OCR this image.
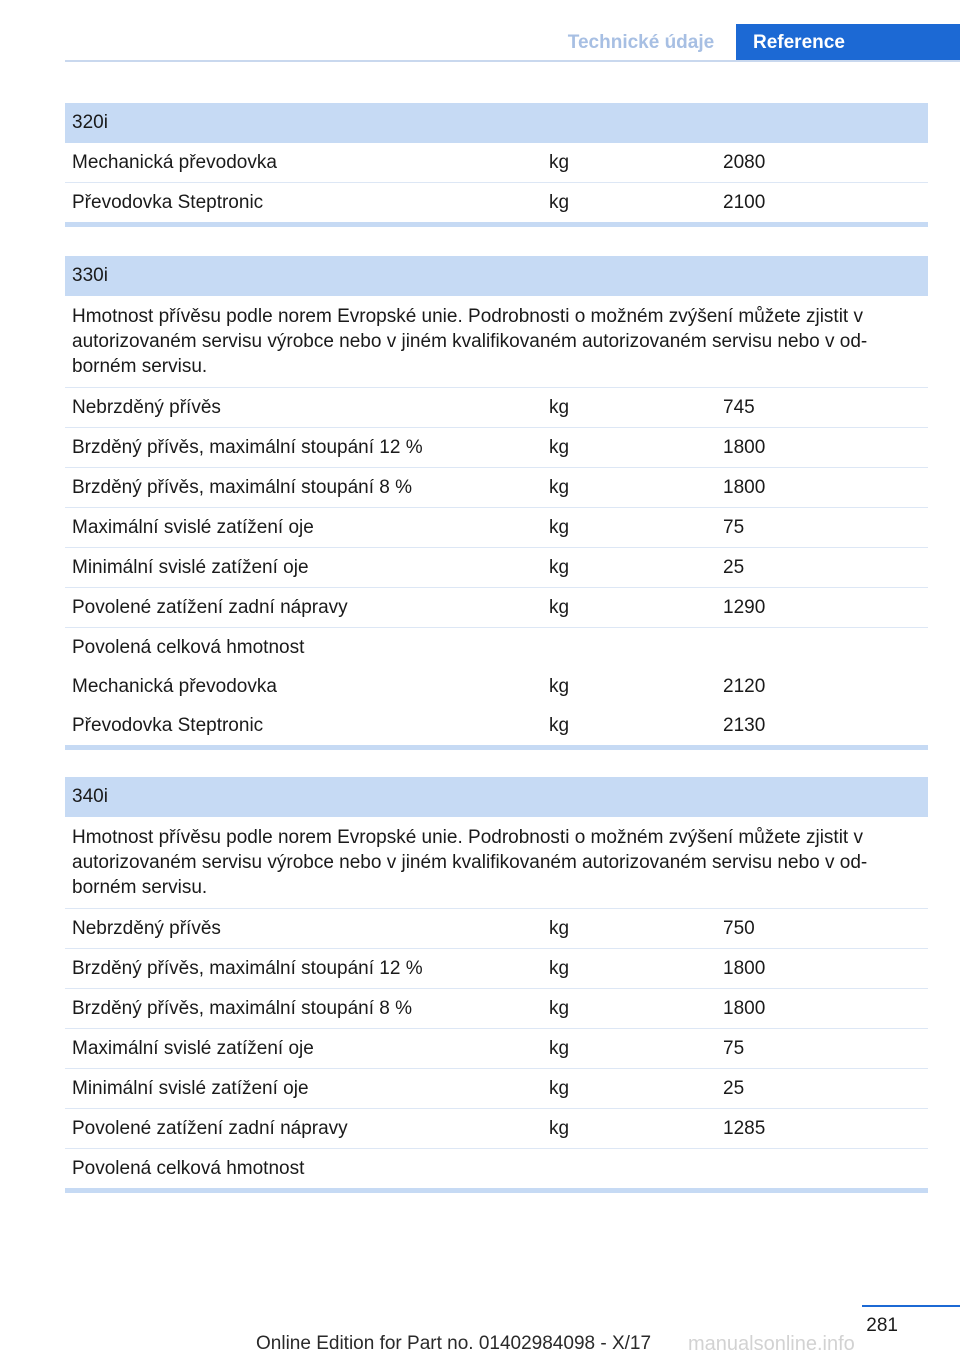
Technické údaje	Reference
320i
Mechanická převodovka	kg	2080
Převodovka Steptronic	kg	2100
330i
Hmotnost přívěsu podle norem Evropské unie. Podrobnosti o možném zvýšení můžete zjistit v autorizovaném servisu výrobce nebo v jiném kvalifikovaném autorizovaném servisu nebo v odborném servisu.
Nebrzděný přívěs	kg	745
Brzděný přívěs, maximální stoupání 12 %	kg	1800
Brzděný přívěs, maximální stoupání 8 %	kg	1800
Maximální svislé zatížení oje	kg	75
Minimální svislé zatížení oje	kg	25
Povolené zatížení zadní nápravy	kg	1290
Povolená celková hmotnost
Mechanická převodovka	kg	2120
Převodovka Steptronic	kg	2130
340i
Hmotnost přívěsu podle norem Evropské unie. Podrobnosti o možném zvýšení můžete zjistit v autorizovaném servisu výrobce nebo v jiném kvalifikovaném autorizovaném servisu nebo v odborném servisu.
Nebrzděný přívěs	kg	750
Brzděný přívěs, maximální stoupání 12 %	kg	1800
Brzděný přívěs, maximální stoupání 8 %	kg	1800
Maximální svislé zatížení oje	kg	75
Minimální svislé zatížení oje	kg	25
Povolené zatížení zadní nápravy	kg	1285
Povolená celková hmotnost
281
Online Edition for Part no. 01402984098 - X/17 manualsonline.info
